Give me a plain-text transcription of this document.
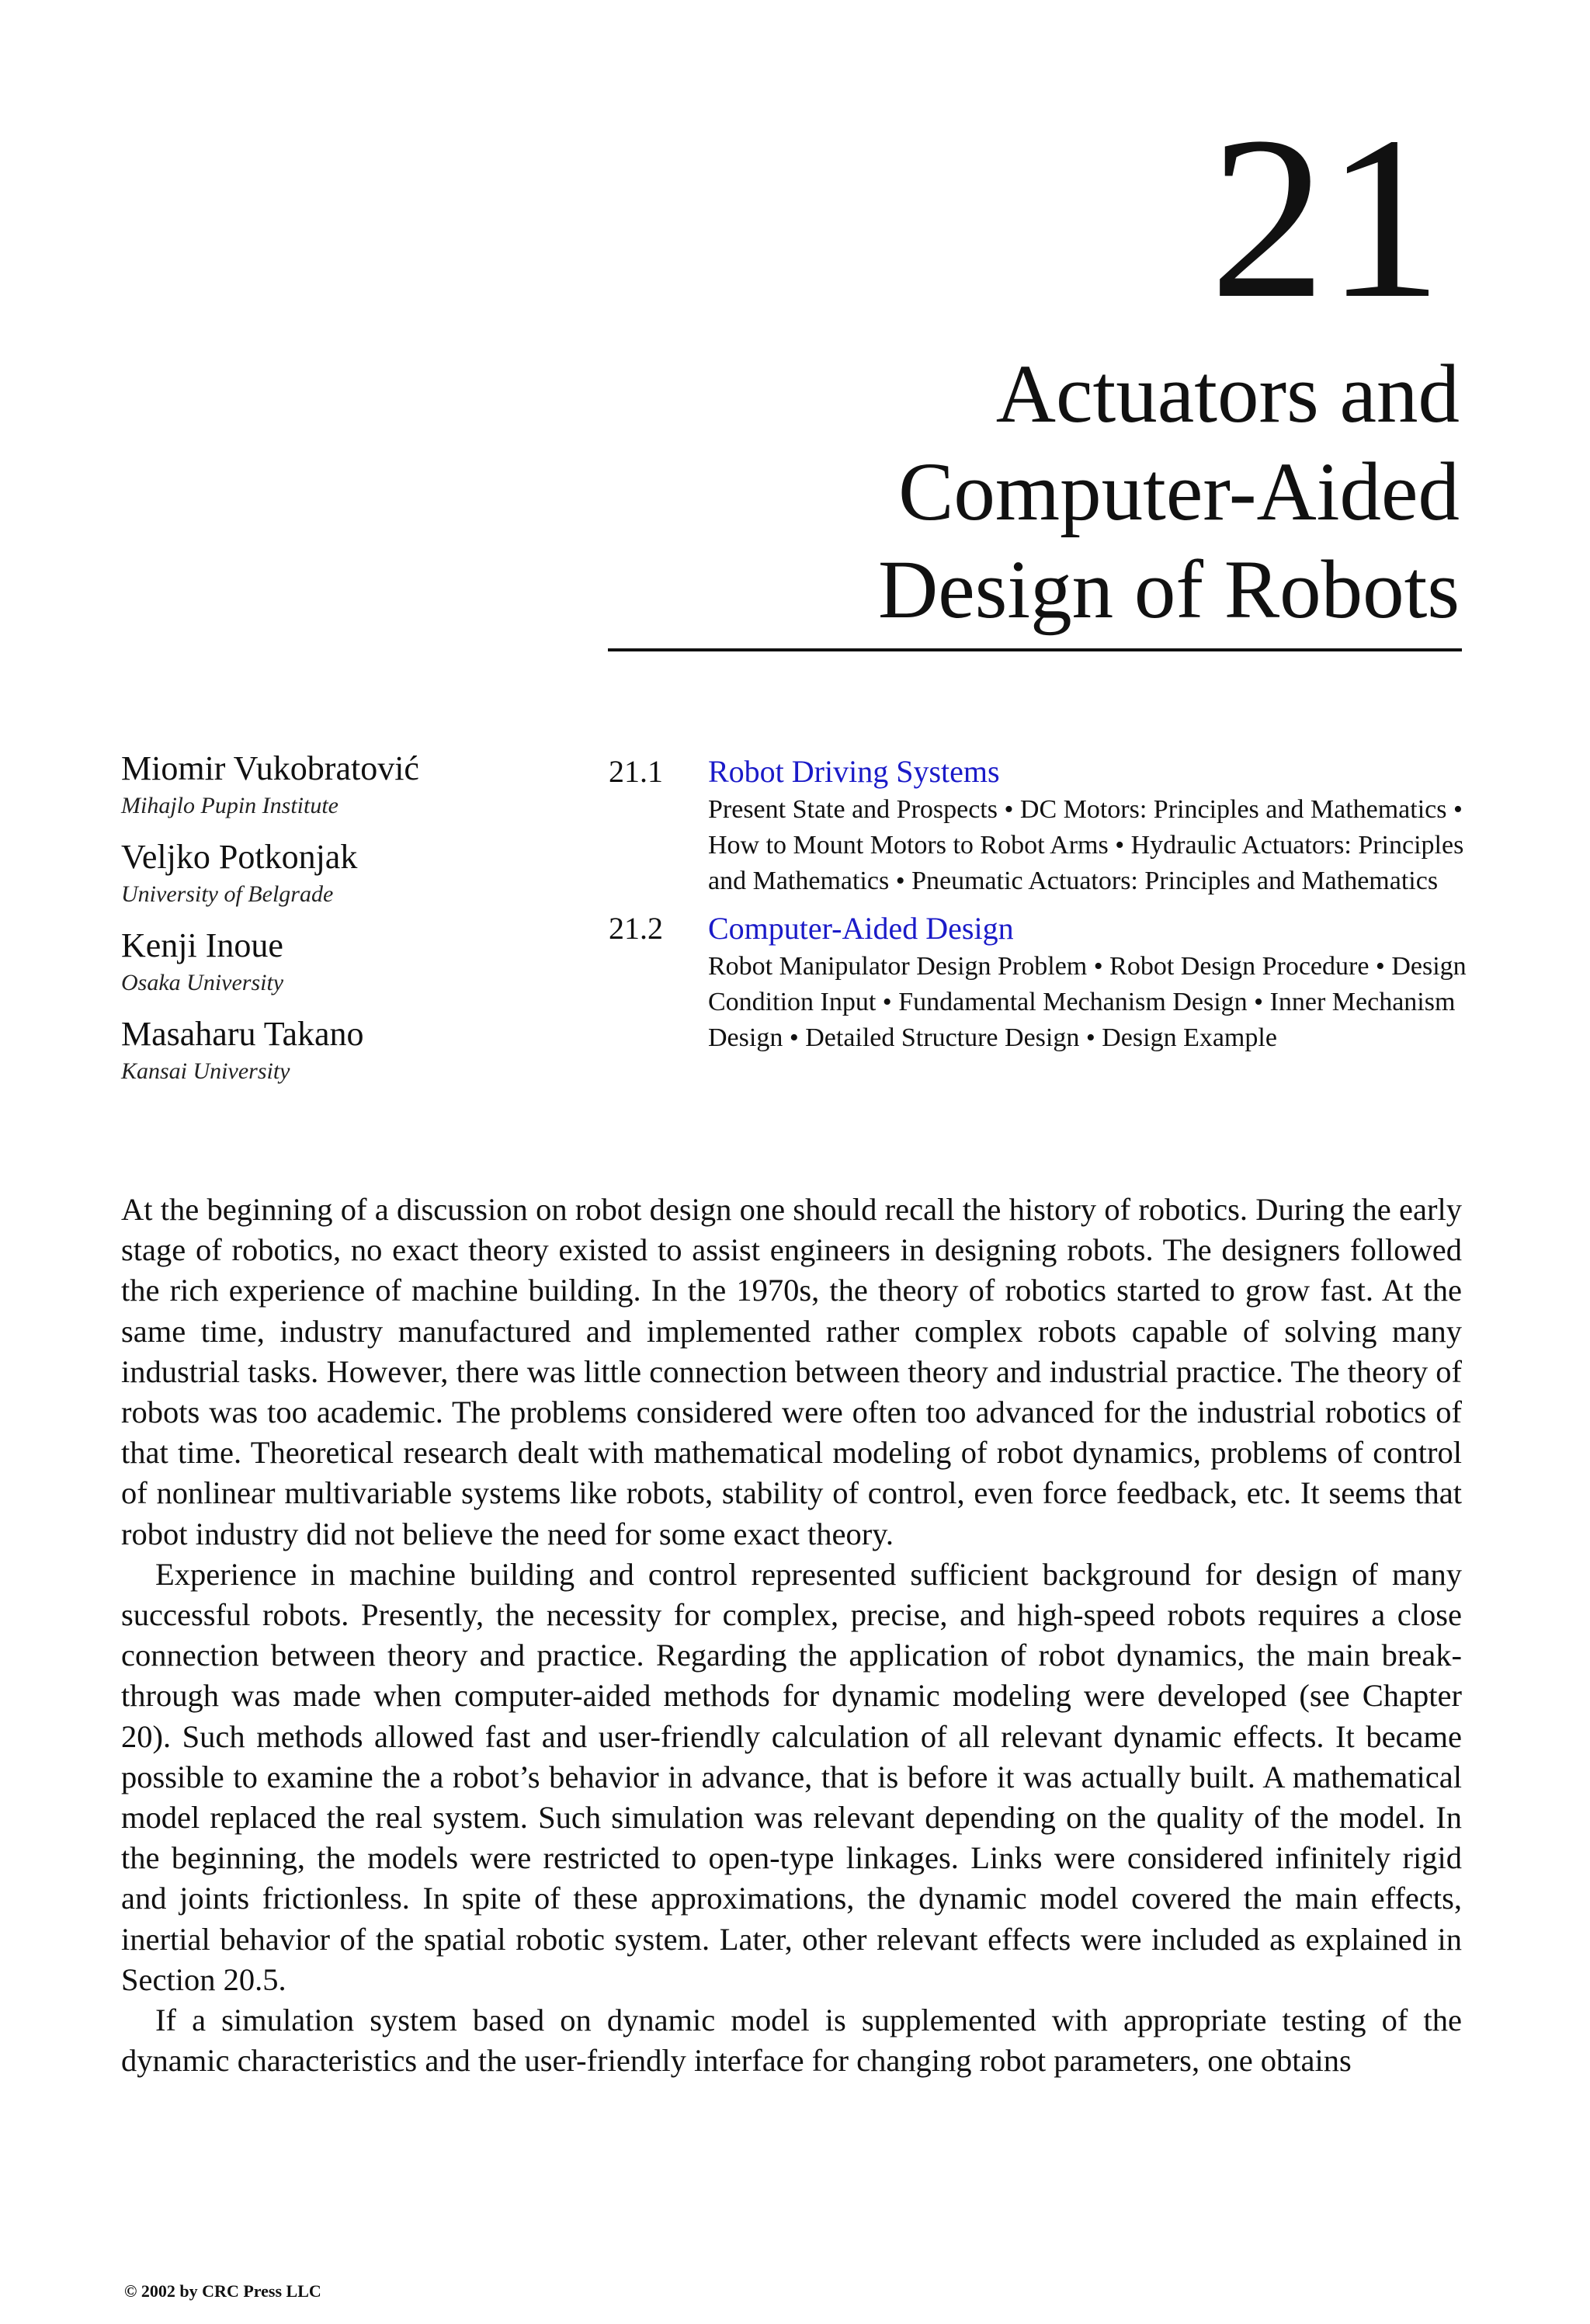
21
Actuators and
Computer-Aided
Design of Robots
Miomir Vukobratović
Mihajlo Pupin Institute
Veljko Potkonjak
University of Belgrade
Kenji Inoue
Osaka University
Masaharu Takano
Kansai University
21.1 Robot Driving Systems
Present State and Prospects • DC Motors: Principles and Mathematics • How to Mount Motors to Robot Arms • Hydraulic Actuators: Principles and Mathematics • Pneumatic Actuators: Principles and Mathematics
21.2 Computer-Aided Design
Robot Manipulator Design Problem • Robot Design Procedure • Design Condition Input • Fundamental Mechanism Design • Inner Mechanism Design • Detailed Structure Design • Design Example

At the beginning of a discussion on robot design one should recall the history of robotics. During the early stage of robotics, no exact theory existed to assist engineers in designing robots. The designers followed the rich experience of machine building. In the 1970s, the theory of robotics started to grow fast. At the same time, industry manufactured and implemented rather complex robots capable of solving many industrial tasks. However, there was little connection between theory and industrial practice. The theory of robots was too academic. The problems considered were often too advanced for the industrial robotics of that time. Theoretical research dealt with mathematical modeling of robot dynamics, problems of control of nonlinear multivariable systems like robots, stability of control, even force feedback, etc. It seems that robot industry did not believe the need for some exact theory.

Experience in machine building and control represented sufficient background for design of many successful robots. Presently, the necessity for complex, precise, and high-speed robots requires a close connection between theory and practice. Regarding the application of robot dynamics, the main break-through was made when computer-aided methods for dynamic modeling were developed (see Chapter 20). Such methods allowed fast and user-friendly calculation of all relevant dynamic effects. It became possible to examine the a robot’s behavior in advance, that is before it was actually built. A mathematical model replaced the real system. Such simulation was relevant depending on the quality of the model. In the beginning, the models were restricted to open-type linkages. Links were considered infinitely rigid and joints frictionless. In spite of these approximations, the dynamic model covered the main effects, inertial behavior of the spatial robotic system. Later, other relevant effects were included as explained in Section 20.5.

If a simulation system based on dynamic model is supplemented with appropriate testing of the dynamic characteristics and the user-friendly interface for changing robot parameters, one obtains

© 2002 by CRC Press LLC
